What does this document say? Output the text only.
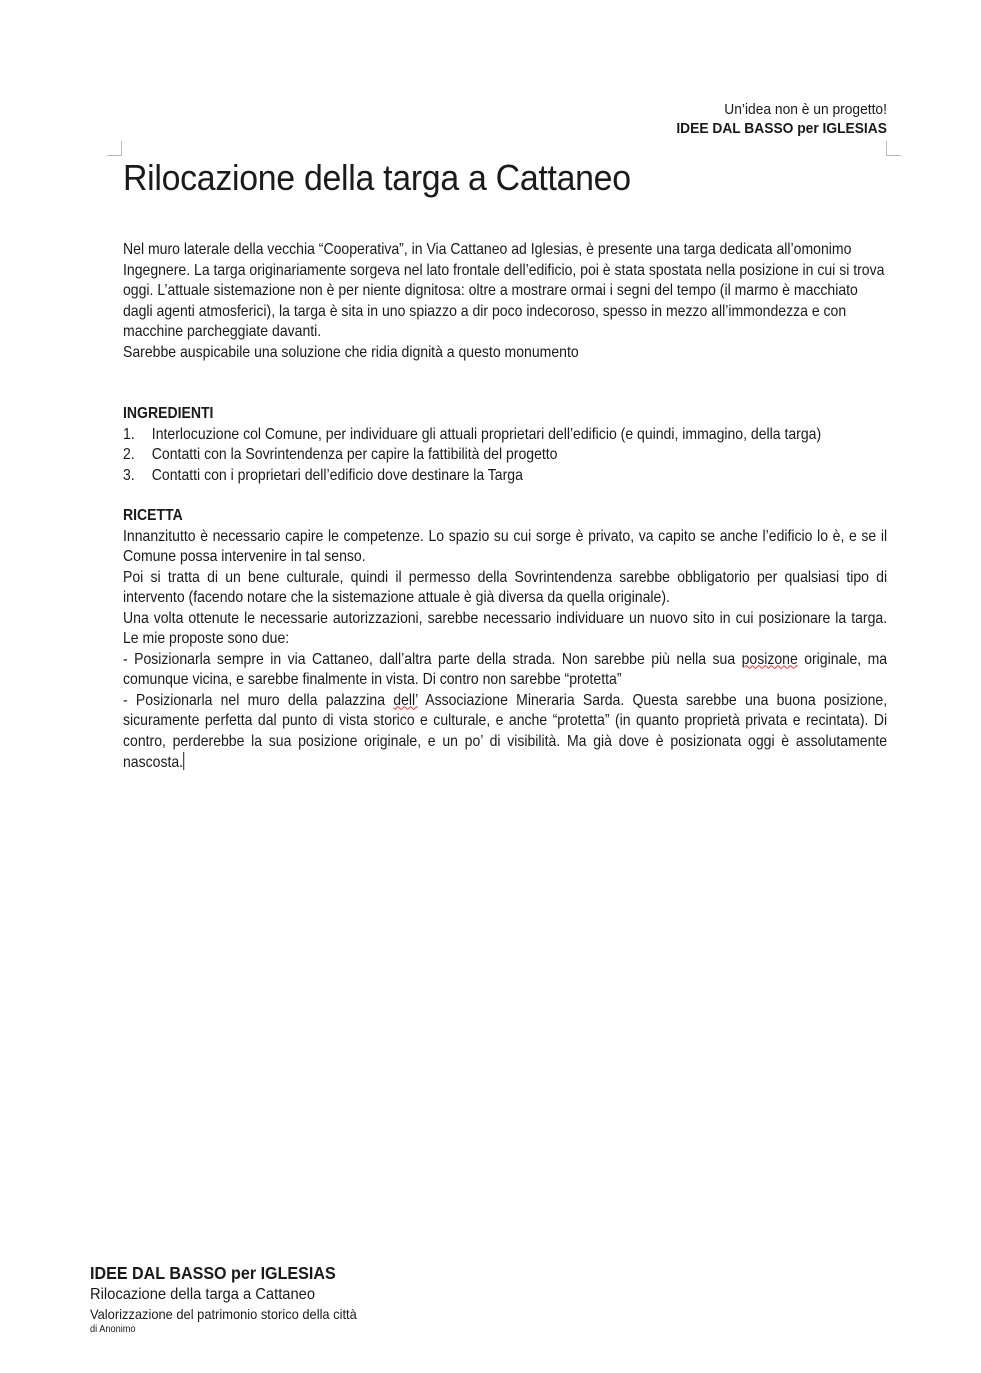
Un’idea non è un progetto!
IDEE DAL BASSO per IGLESIAS
Rilocazione della targa a Cattaneo

Nel muro laterale della vecchia “Cooperativa”, in Via Cattaneo ad Iglesias, è presente una targa dedicata all’omonimo Ingegnere. La targa originariamente sorgeva nel lato frontale dell’edificio, poi è stata spostata nella posizione in cui si trova oggi. L’attuale sistemazione non è per niente dignitosa: oltre a mostrare ormai i segni del tempo (il marmo è macchiato dagli agenti atmosferici), la targa è sita in uno spiazzo a dir poco indecoroso, spesso in mezzo all’immondezza e con macchine parcheggiate davanti.

Sarebbe auspicabile una soluzione che ridia dignità a questo monumento

INGREDIENTI

1. Interlocuzione col Comune, per individuare gli attuali proprietari dell’edificio (e quindi, immagino, della targa)
2. Contatti con la Sovrintendenza per capire la fattibilità del progetto
3. Contatti con i proprietari dell’edificio dove destinare la Targa

RICETTA

Innanzitutto è necessario capire le competenze. Lo spazio su cui sorge è privato, va capito se anche l’edificio lo è, e se il Comune possa intervenire in tal senso.

Poi si tratta di un bene culturale, quindi il permesso della Sovrintendenza sarebbe obbligatorio per qualsiasi tipo di intervento (facendo notare che la sistemazione attuale è già diversa da quella originale).

Una volta ottenute le necessarie autorizzazioni, sarebbe necessario individuare un nuovo sito in cui posizionare la targa. Le mie proposte sono due:

- Posizionarla sempre in via Cattaneo, dall’altra parte della strada. Non sarebbe più nella sua posizone originale, ma comunque vicina, e sarebbe finalmente in vista. Di contro non sarebbe “protetta”

- Posizionarla nel muro della palazzina dell’ Associazione Mineraria Sarda. Questa sarebbe una buona posizione, sicuramente perfetta dal punto di vista storico e culturale, e anche “protetta” (in quanto proprietà privata e recintata). Di contro, perderebbe la sua posizione originale, e un po’ di visibilità. Ma già dove è posizionata oggi è assolutamente nascosta.

IDEE DAL BASSO per IGLESIAS
Rilocazione della targa a Cattaneo
Valorizzazione del patrimonio storico della città
di Anonimo
